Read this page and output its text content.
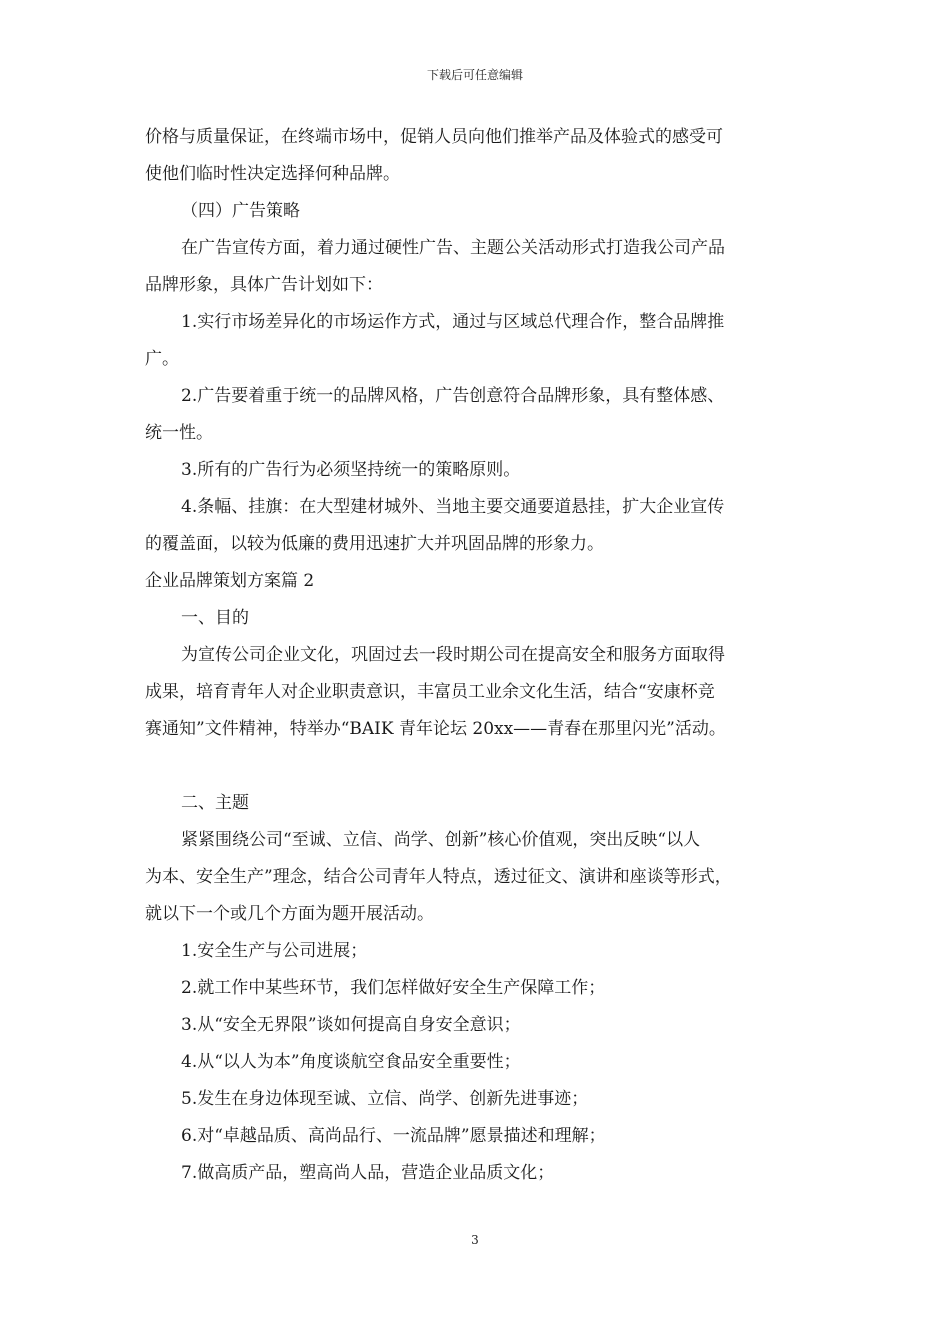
下载后可任意编辑

价格与质量保证，在终端市场中，促销人员向他们推举产品及体验式的感受可

使他们临时性决定选择何种品牌。

（四）广告策略

在广告宣传方面，着力通过硬性广告、主题公关活动形式打造我公司产品

品牌形象，具体广告计划如下：

1.实行市场差异化的市场运作方式，通过与区域总代理合作，整合品牌推

广。

2.广告要着重于统一的品牌风格，广告创意符合品牌形象，具有整体感、

统一性。

3.所有的广告行为必须坚持统一的策略原则。

4.条幅、挂旗：在大型建材城外、当地主要交通要道悬挂，扩大企业宣传

的覆盖面，以较为低廉的费用迅速扩大并巩固品牌的形象力。

企业品牌策划方案篇 2

一、目的

为宣传公司企业文化，巩固过去一段时期公司在提高安全和服务方面取得

成果，培育青年人对企业职责意识，丰富员工业余文化生活，结合“安康杯竞

赛通知”文件精神，特举办“BAIK 青年论坛 20xx——青春在那里闪光”活动。

二、主题

紧紧围绕公司“至诚、立信、尚学、创新”核心价值观，突出反映“以人

为本、安全生产”理念，结合公司青年人特点，透过征文、演讲和座谈等形式，

就以下一个或几个方面为题开展活动。

1.安全生产与公司进展；

2.就工作中某些环节，我们怎样做好安全生产保障工作；

3.从“安全无界限”谈如何提高自身安全意识；

4.从“以人为本”角度谈航空食品安全重要性；

5.发生在身边体现至诚、立信、尚学、创新先进事迹；

6.对“卓越品质、高尚品行、一流品牌”愿景描述和理解；

7.做高质产品，塑高尚人品，营造企业品质文化；

3
